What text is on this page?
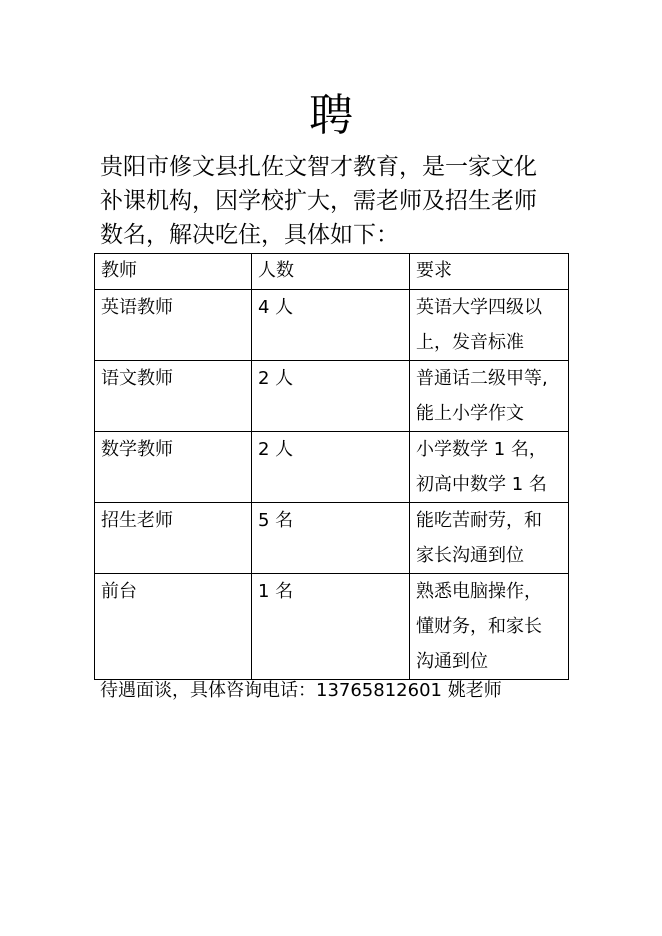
聘
贵阳市修文县扎佐文智才教育，是一家文化
补课机构，因学校扩大，需老师及招生老师
数名，解决吃住，具体如下：
教师	人数	要求
英语教师	4 人	英语大学四级以
上，发音标准

语文教师	2 人	普通话二级甲等,
能上小学作文

数学教师	2 人	小学数学 1 名，
初高中数学 1 名

招生老师	5 名	能吃苦耐劳，和
家长沟通到位

前台	1 名	熟悉电脑操作，
懂财务，和家长
沟通到位
待遇面谈，具体咨询电话：13765812601 姚老师
